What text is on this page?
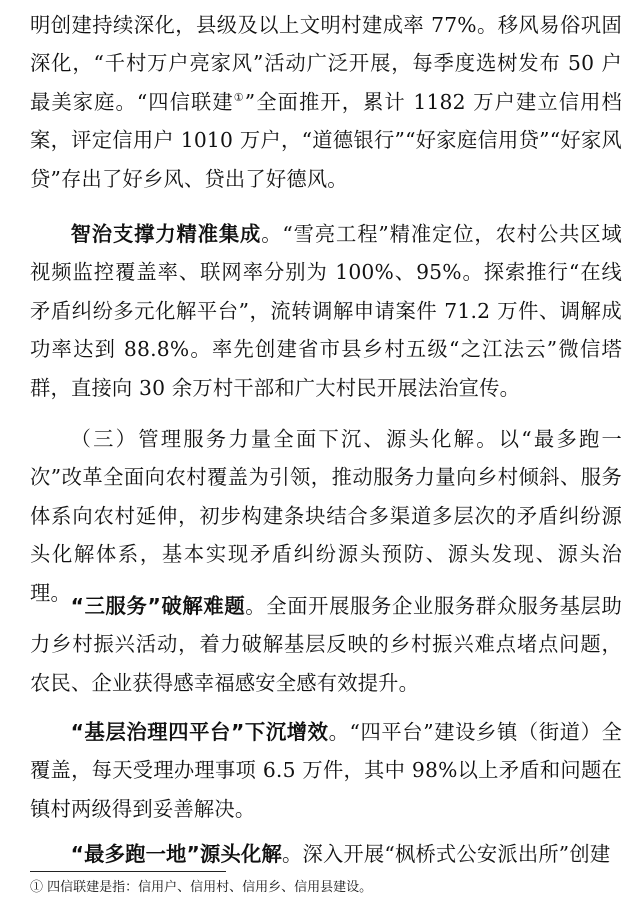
明创建持续深化，县级及以上文明村建成率 77%。移风易俗巩固深化，“千村万户亮家风”活动广泛开展，每季度选树发布 50 户最美家庭。“四信联建①”全面推开，累计 1182 万户建立信用档案，评定信用户 1010 万户，“道德银行”“好家庭信用贷”“好家风贷”存出了好乡风、贷出了好德风。

智治支撑力精准集成。“雪亮工程”精准定位，农村公共区域视频监控覆盖率、联网率分别为 100%、95%。探索推行“在线矛盾纠纷多元化解平台”，流转调解申请案件 71.2 万件、调解成功率达到 88.8%。率先创建省市县乡村五级“之江法云”微信塔群，直接向 30 余万村干部和广大村民开展法治宣传。

（三）管理服务力量全面下沉、源头化解。以“最多跑一次”改革全面向农村覆盖为引领，推动服务力量向乡村倾斜、服务体系向农村延伸，初步构建条块结合多渠道多层次的矛盾纠纷源头化解体系，基本实现矛盾纠纷源头预防、源头发现、源头治理。

“三服务”破解难题。全面开展服务企业服务群众服务基层助力乡村振兴活动，着力破解基层反映的乡村振兴难点堵点问题，农民、企业获得感幸福感安全感有效提升。

“基层治理四平台”下沉增效。“四平台”建设乡镇（街道）全覆盖，每天受理办理事项 6.5 万件，其中 98%以上矛盾和问题在镇村两级得到妥善解决。

“最多跑一地”源头化解。深入开展“枫桥式公安派出所”创建

① 四信联建是指：信用户、信用村、信用乡、信用县建设。
